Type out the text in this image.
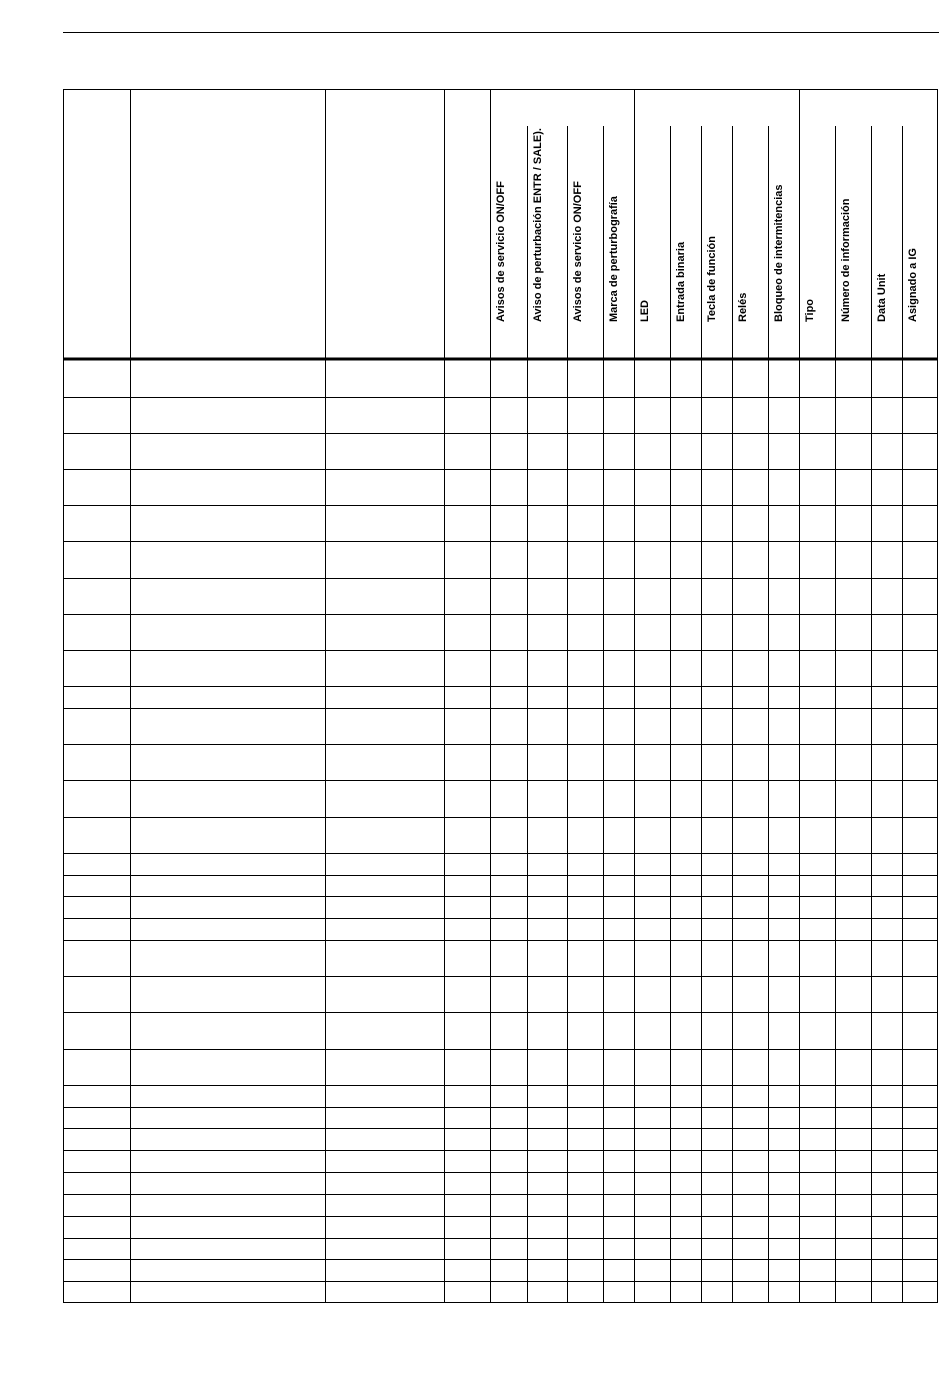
Avisos de servicio ON/OFF Aviso de perturbación ENTR / SALE).	Avisos de servicio ON/OFF Marca de perturbografía LED Entrada binaria Tecla de función Relés Bloqueo de intermitencias Tipo Número de información Data Unit Asignado a IG
